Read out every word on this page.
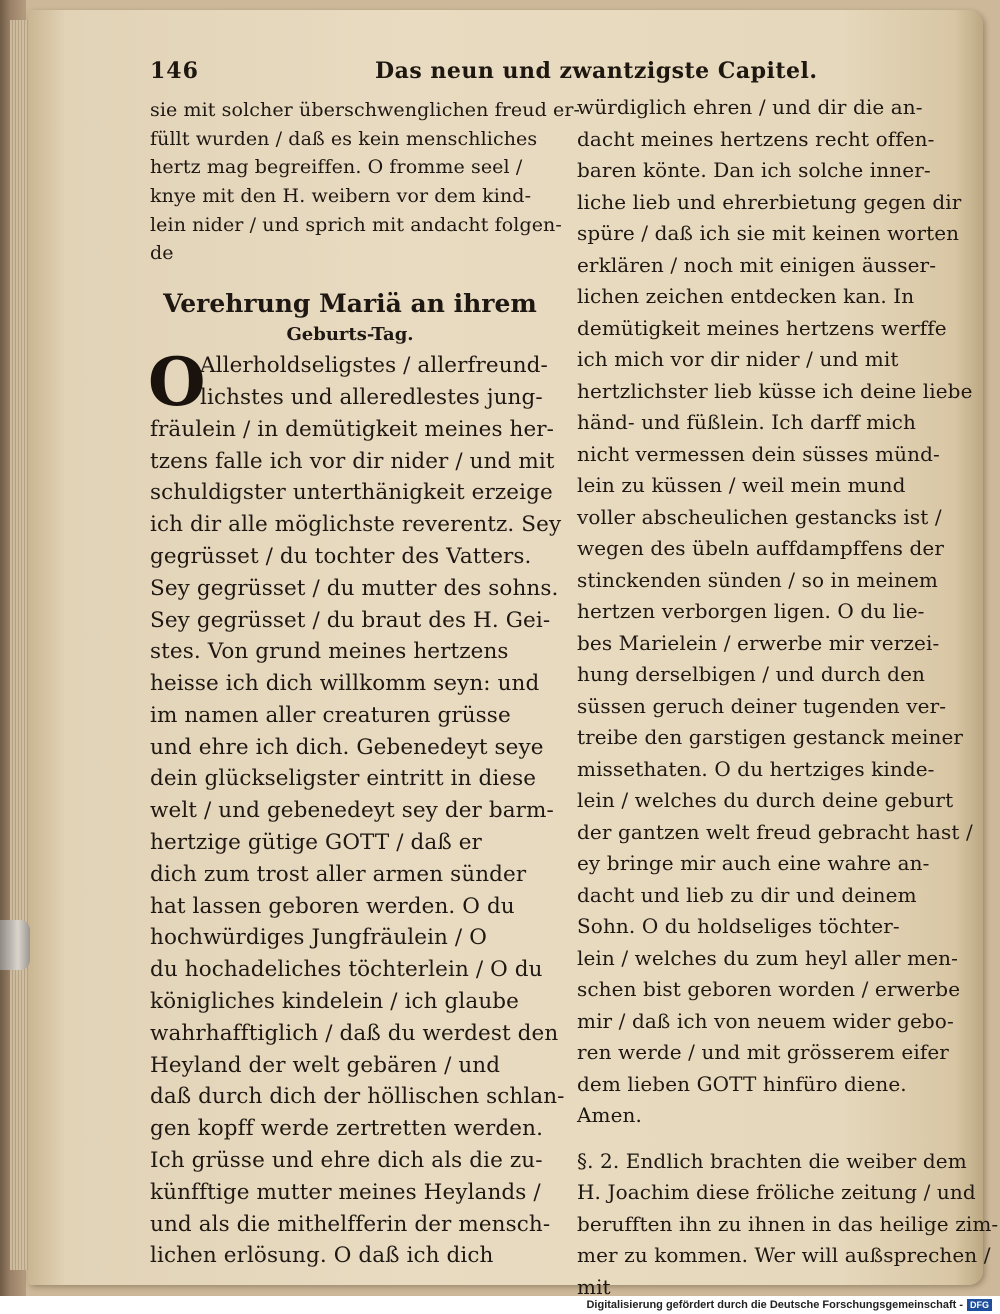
146	Das neun und zwantzigste Capitel.
sie mit solcher überschwenglichen freud er-
füllt wurden / daß es kein menschliches
hertz mag begreiffen. O fromme seel /
knye mit den H. weibern vor dem kind-
lein nider / und sprich mit andacht folgen-
de
Verehrung Mariä an ihrem
Geburts-Tag.
O
Allerholdseligstes / allerfreund-
lichstes und alleredlestes jung-
fräulein / in demütigkeit meines her-
tzens falle ich vor dir nider / und mit
schuldigster unterthänigkeit erzeige
ich dir alle möglichste reverentz. Sey
gegrüsset / du tochter des Vatters.
Sey gegrüsset / du mutter des sohns.
Sey gegrüsset / du braut des H. Gei-
stes. Von grund meines hertzens
heisse ich dich willkomm seyn: und
im namen aller creaturen grüsse
und ehre ich dich. Gebenedeyt seye
dein glückseligster eintritt in diese
welt / und gebenedeyt sey der barm-
hertzige gütige GOTT / daß er
dich zum trost aller armen sünder
hat lassen geboren werden. O du
hochwürdiges Jungfräulein / O
du hochadeliches töchterlein / O du
königliches kindelein / ich glaube
wahrhafftiglich / daß du werdest den
Heyland der welt gebären / und
daß durch dich der höllischen schlan-
gen kopff werde zertretten werden.
Ich grüsse und ehre dich als die zu-
künfftige mutter meines Heylands /
und als die mithelfferin der mensch-
lichen erlösung. O daß ich dich
würdiglich ehren / und dir die an-
dacht meines hertzens recht offen-
baren könte. Dan ich solche inner-
liche lieb und ehrerbietung gegen dir
spüre / daß ich sie mit keinen worten
erklären / noch mit einigen äusser-
lichen zeichen entdecken kan. In
demütigkeit meines hertzens werffe
ich mich vor dir nider / und mit
hertzlichster lieb küsse ich deine liebe
händ- und füßlein. Ich darff mich
nicht vermessen dein süsses münd-
lein zu küssen / weil mein mund
voller abscheulichen gestancks ist /
wegen des übeln auffdampffens der
stinckenden sünden / so in meinem
hertzen verborgen ligen. O du lie-
bes Marielein / erwerbe mir verzei-
hung derselbigen / und durch den
süssen geruch deiner tugenden ver-
treibe den garstigen gestanck meiner
missethaten. O du hertziges kinde-
lein / welches du durch deine geburt
der gantzen welt freud gebracht hast /
ey bringe mir auch eine wahre an-
dacht und lieb zu dir und deinem
Sohn. O du holdseliges töchter-
lein / welches du zum heyl aller men-
schen bist geboren worden / erwerbe
mir / daß ich von neuem wider gebo-
ren werde / und mit grösserem eifer
dem lieben GOTT hinfüro diene.
Amen.
§. 2. Endlich brachten die weiber dem
H. Joachim diese fröliche zeitung / und
berufften ihn zu ihnen in das heilige zim-
mer zu kommen. Wer will außsprechen /
mit
Digitalisierung gefördert durch die Deutsche Forschungsgemeinschaft - DFG
